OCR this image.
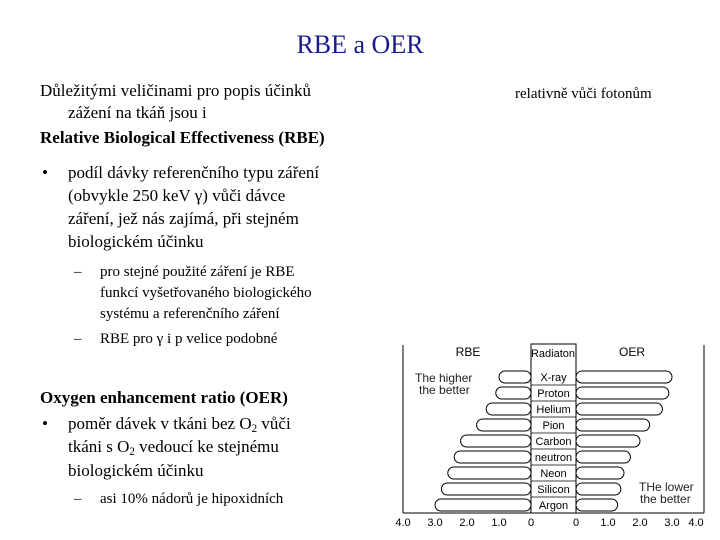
RBE a OER
Důležitými veličinami pro popis účinků
zážení na tkáň jsou i
relativně vůči fotonům
Relative Biological Effectiveness (RBE)
•	podíl dávky referenčního typu záření
(obvykle 250 keV γ) vůči dávce
záření, jež nás zajímá, při stejném
biologickém účinku
–	pro stejné použité záření je RBE
funkcí vyšetřovaného biologického
systému a referenčního záření
–	RBE pro γ i p velice podobné
Oxygen enhancement ratio (OER)
•	poměr dávek v tkáni bez $O_2$ vůči
tkáni s $O_2$ vedoucí ke stejnému
biologickém účinku
–	asi 10% nádorů je hipoxidních
RBE	Radiaton	OER
The higher
the better
THe lower
the better
X-ray
Proton
Helium
Pion
Carbon
neutron
Neon
Silicon
Argon
4.0 3.0 2.0 1.0 0	0 1.0 2.0 3.0 4.0
